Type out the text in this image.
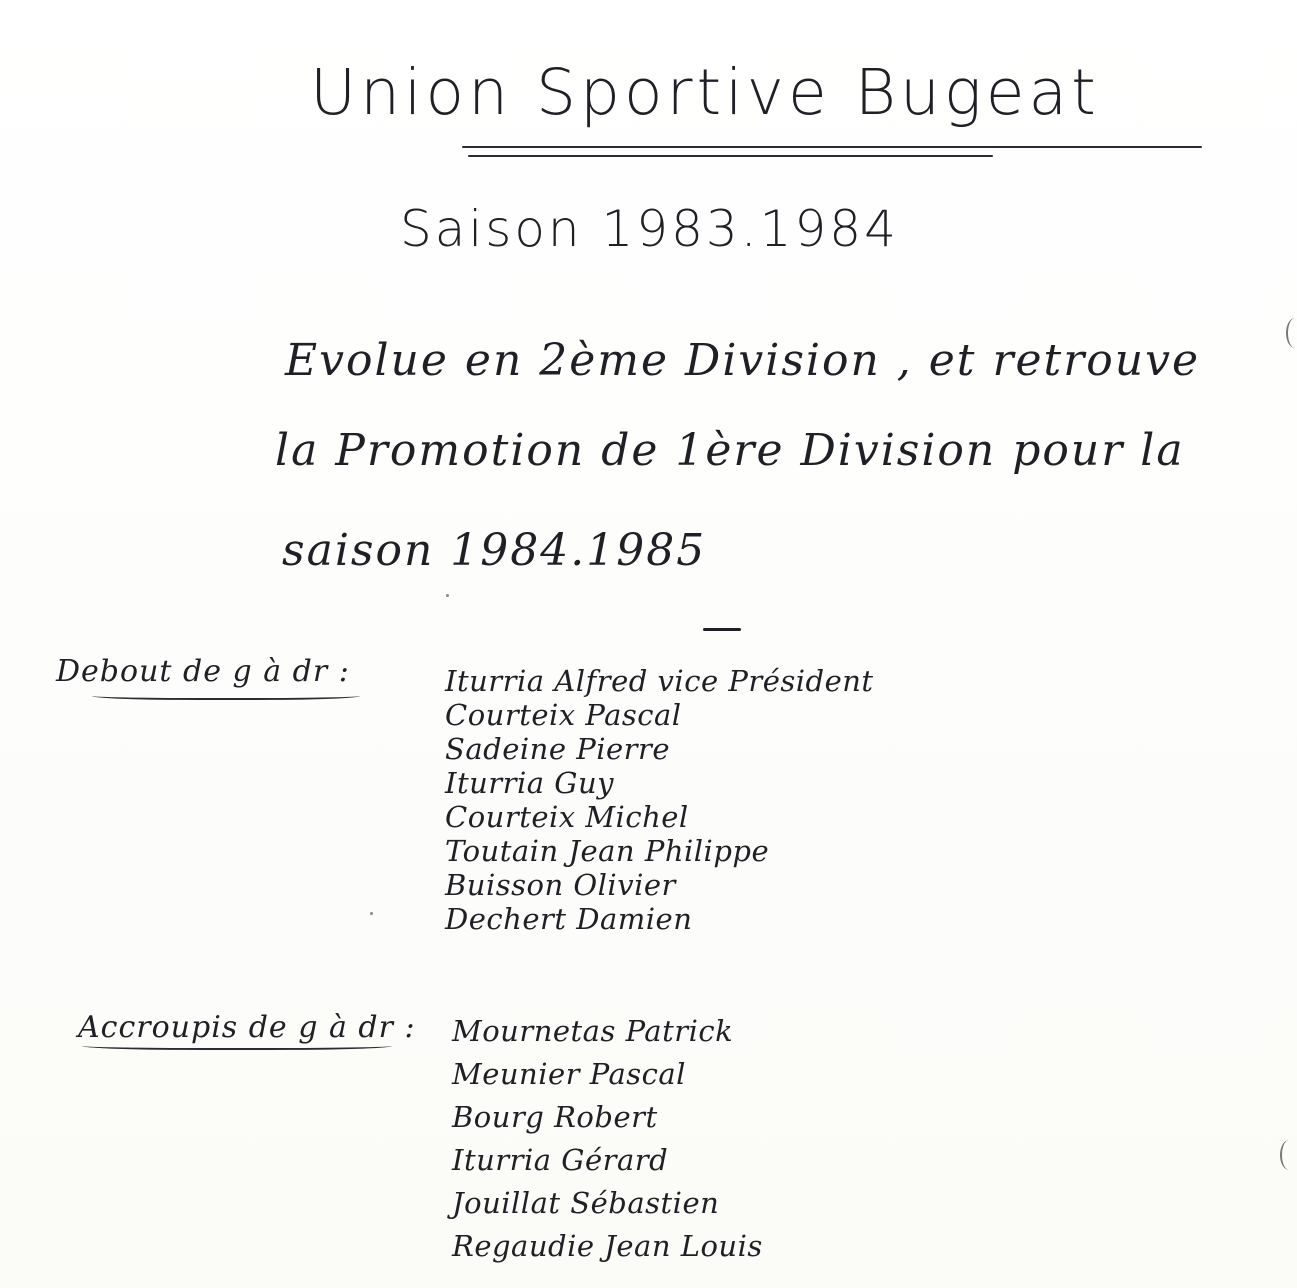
Union Sportive Bugeat
Saison 1983.1984
Evolue en 2ème Division , et retrouve
la Promotion de 1ère Division pour la
saison 1984.1985
Debout de g à dr :	Iturria Alfred vice Président
Courteix Pascal
Sadeine Pierre
Iturria Guy
Courteix Michel
Toutain Jean Philippe
Buisson Olivier
Dechert Damien
Accroupis de g à dr : Mournetas Patrick
Meunier Pascal
Bourg Robert
Iturria Gérard
Jouillat Sébastien
Regaudie Jean Louis
